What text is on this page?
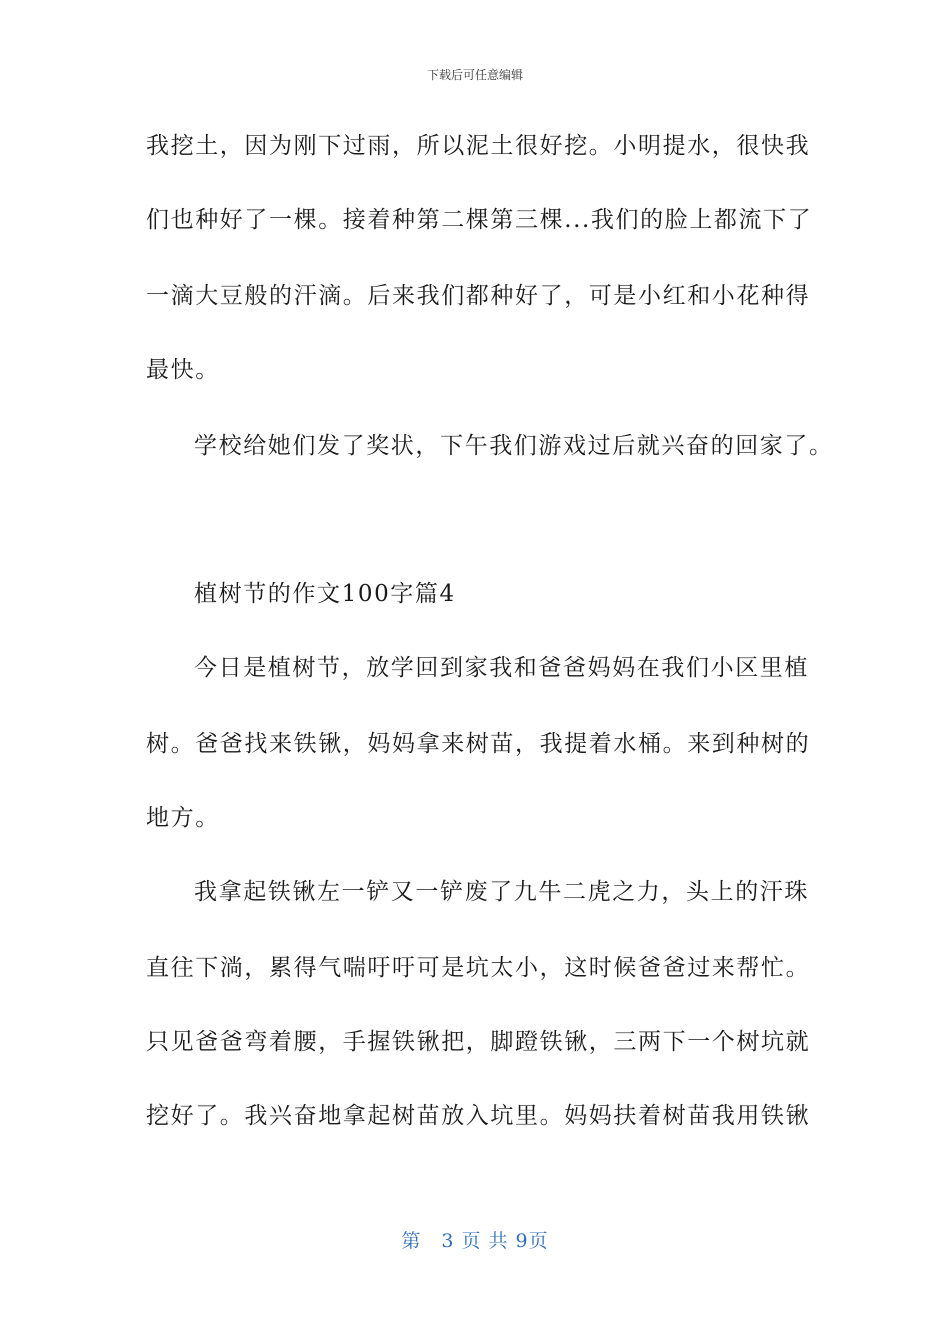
下载后可任意编辑
我挖土，因为刚下过雨，所以泥土很好挖。小明提水，很快我
们也种好了一棵。接着种第二棵第三棵...我们的脸上都流下了
一滴大豆般的汗滴。后来我们都种好了，可是小红和小花种得
最快。
学校给她们发了奖状，下午我们游戏过后就兴奋的回家了。
植树节的作文100字篇4
今日是植树节，放学回到家我和爸爸妈妈在我们小区里植
树。爸爸找来铁锹，妈妈拿来树苗，我提着水桶。来到种树的
地方。
我拿起铁锹左一铲又一铲废了九牛二虎之力，头上的汗珠
直往下淌，累得气喘吁吁可是坑太小，这时候爸爸过来帮忙。
只见爸爸弯着腰，手握铁锹把，脚蹬铁锹，三两下一个树坑就
挖好了。我兴奋地拿起树苗放入坑里。妈妈扶着树苗我用铁锹
第　3 页 共 9页
